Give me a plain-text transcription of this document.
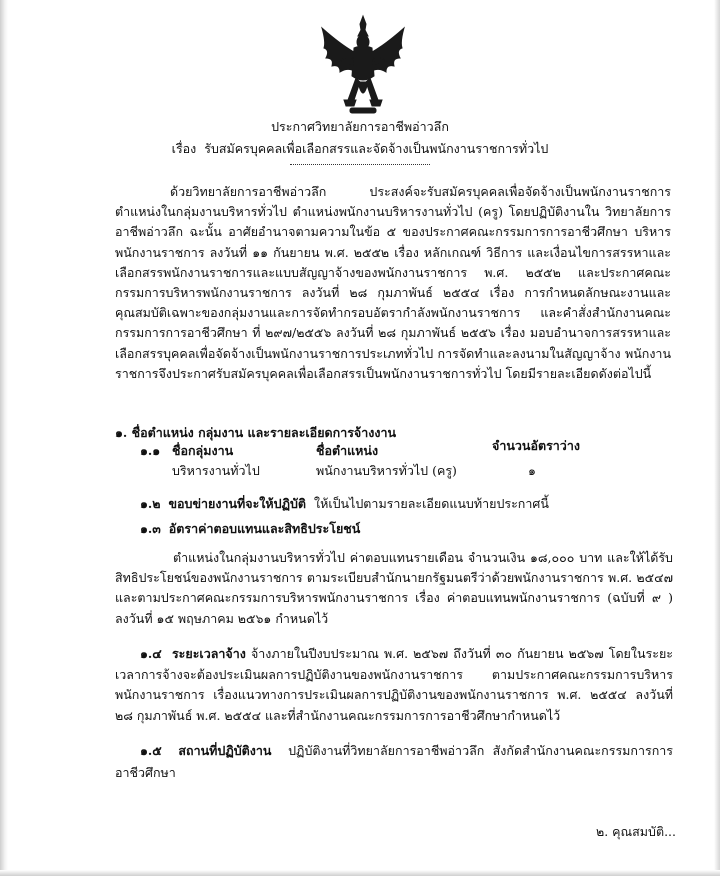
ประกาศวิทยาลัยการอาชีพอ่าวลึก
เรื่อง รับสมัครบุคคลเพื่อเลือกสรรและจัดจ้างเป็นพนักงานราชการทั่วไป
ด้วยวิทยาลัยการอาชีพอ่าวลึก ประสงค์จะรับสมัครบุคคลเพื่อจัดจ้างเป็นพนักงานราชการ ตำแหน่งในกลุ่มงานบริหารทั่วไป ตำแหน่งพนักงานบริหารงานทั่วไป (ครู) โดยปฏิบัติงานใน วิทยาลัยการอาชีพอ่าวลึก ฉะนั้น อาศัยอำนาจตามความในข้อ ๕ ของประกาศคณะกรรมการการอาชีวศึกษา บริหารพนักงานราชการ ลงวันที่ ๑๑ กันยายน พ.ศ. ๒๕๕๒ เรื่อง หลักเกณฑ์ วิธีการ และเงื่อนไขการสรรหาและเลือกสรรพนักงานราชการและแบบสัญญาจ้างของพนักงานราชการ พ.ศ. ๒๕๕๒ และประกาศคณะกรรมการบริหารพนักงานราชการ ลงวันที่ ๒๘ กุมภาพันธ์ ๒๕๕๔ เรื่อง การกำหนดลักษณะงานและคุณสมบัติเฉพาะของกลุ่มงานและการจัดทำกรอบอัตรากำลังพนักงานราชการ และคำสั่งสำนักงานคณะกรรมการการอาชีวศึกษา ที่ ๒๙๗/๒๕๕๖ ลงวันที่ ๒๘ กุมภาพันธ์ ๒๕๕๖ เรื่อง มอบอำนาจการสรรหาและเลือกสรรบุคคลเพื่อจัดจ้างเป็นพนักงานราชการประเภททั่วไป การจัดทำและลงนามในสัญญาจ้าง พนักงานราชการจึงประกาศรับสมัครบุคคลเพื่อเลือกสรรเป็นพนักงานราชการทั่วไป โดยมีรายละเอียดดังต่อไปนี้
๑. ชื่อตำแหน่ง กลุ่มงาน และรายละเอียดการจ้างงาน
๑.๑ ชื่อกลุ่มงาน	ชื่อตำแหน่ง	จำนวนอัตราว่าง
บริหารงานทั่วไป	พนักงานบริหารทั่วไป (ครู)	๑
๑.๒ ขอบข่ายงานที่จะให้ปฏิบัติ ให้เป็นไปตามรายละเอียดแนบท้ายประกาศนี้
๑.๓ อัตราค่าตอบแทนและสิทธิประโยชน์
ตำแหน่งในกลุ่มงานบริหารทั่วไป ค่าตอบแทนรายเดือน จำนวนเงิน ๑๘,๐๐๐ บาท และให้ได้รับสิทธิประโยชน์ของพนักงานราชการ ตามระเบียบสำนักนายกรัฐมนตรีว่าด้วยพนักงานราชการ พ.ศ. ๒๕๔๗ และตามประกาศคณะกรรมการบริหารพนักงานราชการ เรื่อง ค่าตอบแทนพนักงานราชการ (ฉบับที่ ๙ ) ลงวันที่ ๑๕ พฤษภาคม ๒๕๖๑ กำหนดไว้
๑.๔ ระยะเวลาจ้าง จ้างภายในปีงบประมาณ พ.ศ. ๒๕๖๗ ถึงวันที่ ๓๐ กันยายน ๒๕๖๗ โดยในระยะเวลาการจ้างจะต้องประเมินผลการปฏิบัติงานของพนักงานราชการ ตามประกาศคณะกรรมการบริหารพนักงานราชการ เรื่องแนวทางการประเมินผลการปฏิบัติงานของพนักงานราชการ พ.ศ. ๒๕๕๔ ลงวันที่ ๒๘ กุมภาพันธ์ พ.ศ. ๒๕๕๔ และที่สำนักงานคณะกรรมการการอาชีวศึกษากำหนดไว้
๑.๕ สถานที่ปฏิบัติงาน ปฏิบัติงานที่วิทยาลัยการอาชีพอ่าวลึก สังกัดสำนักงานคณะกรรมการการอาชีวศึกษา
๒. คุณสมบัติ...
